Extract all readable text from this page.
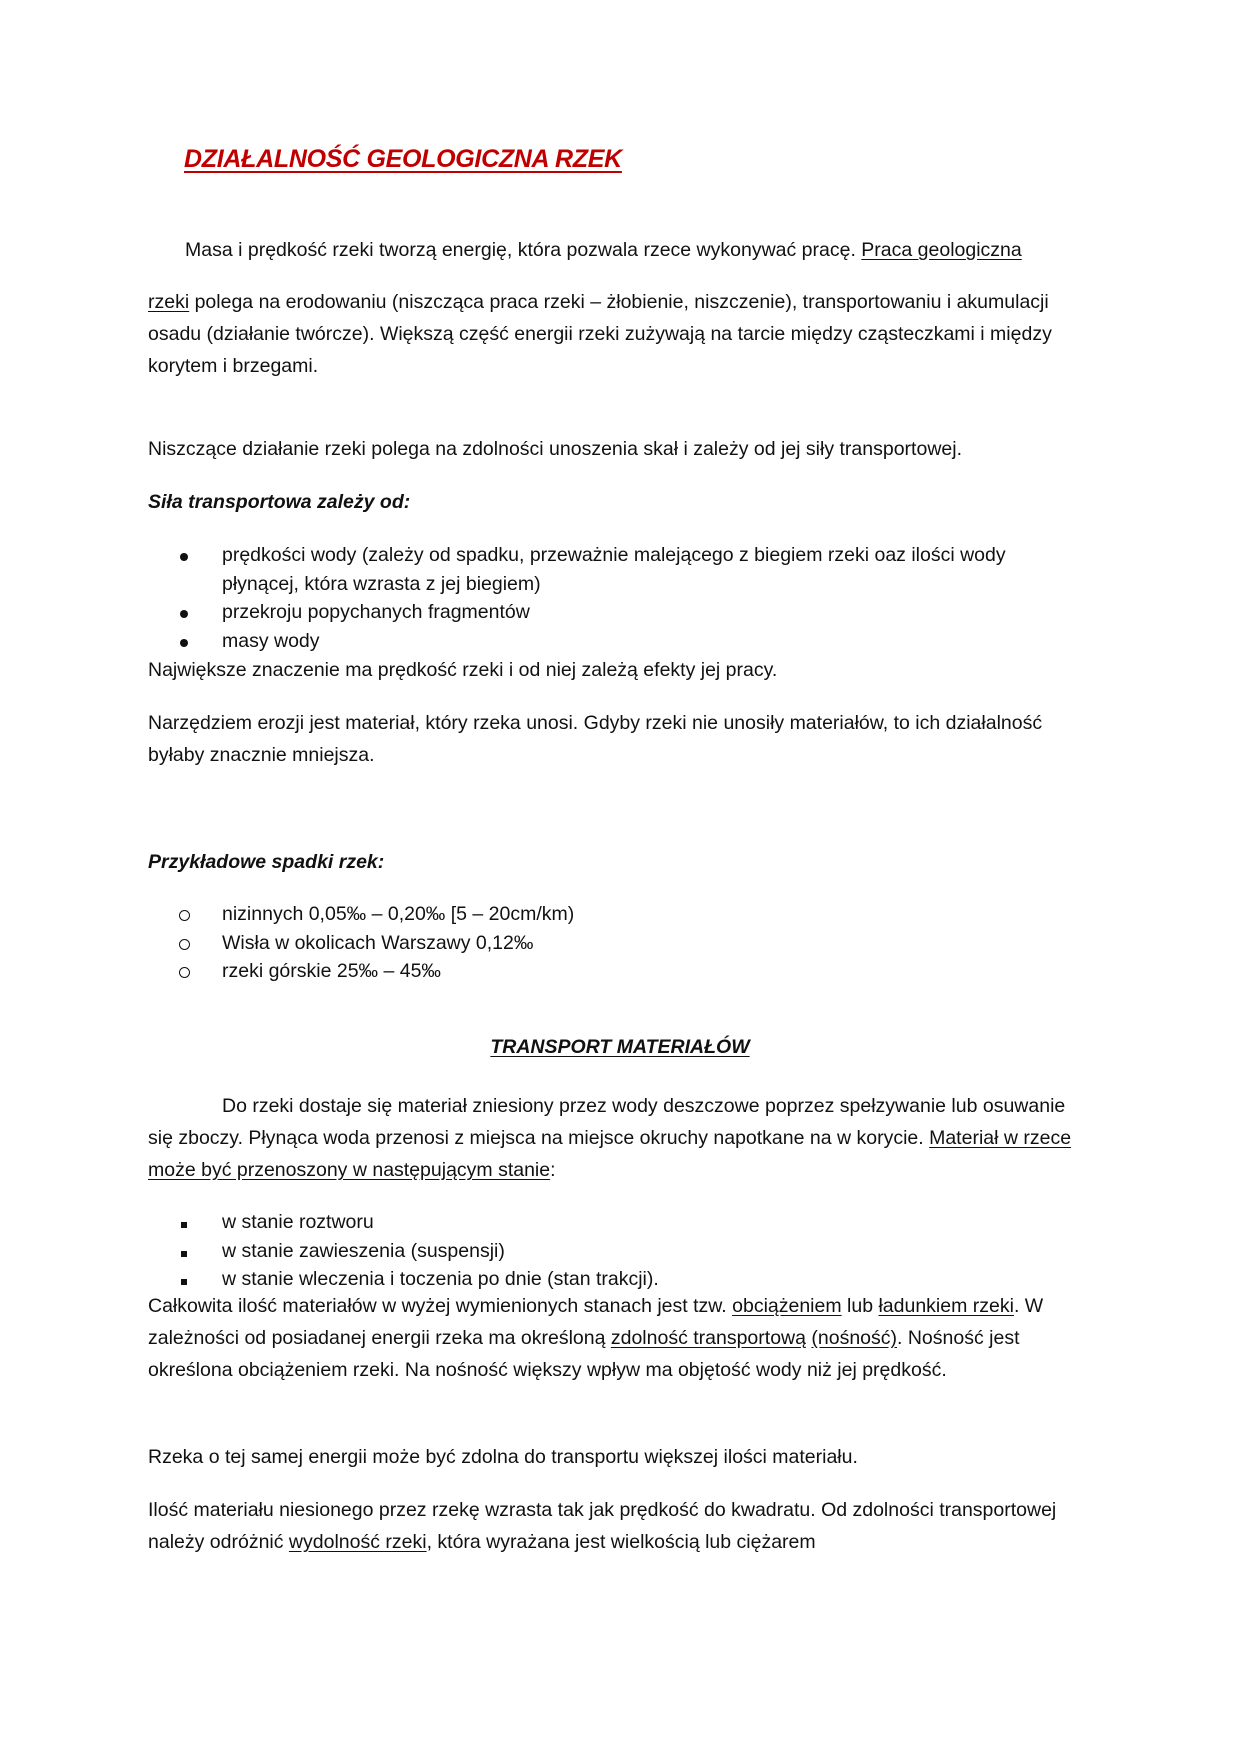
DZIAŁALNOŚĆ GEOLOGICZNA RZEK

Masa i prędkość rzeki tworzą energię, która pozwala rzece wykonywać pracę. Praca geologiczna
rzeki polega na erodowaniu (niszcząca praca rzeki – żłobienie, niszczenie), transportowaniu i akumulacji osadu (działanie twórcze). Większą część energii rzeki zużywają na tarcie między cząsteczkami i między korytem i brzegami.

Niszczące działanie rzeki polega na zdolności unoszenia skał i zależy od jej siły transportowej.

Siła transportowa zależy od:

prędkości wody (zależy od spadku, przeważnie malejącego z biegiem rzeki oaz ilości wody płynącej, która wzrasta z jej biegiem)
przekroju popychanych fragmentów
masy wody

Największe znaczenie ma prędkość rzeki i od niej zależą efekty jej pracy.

Narzędziem erozji jest materiał, który rzeka unosi. Gdyby rzeki nie unosiły materiałów, to ich działalność byłaby znacznie mniejsza.

Przykładowe spadki rzek:

nizinnych 0,05‰ – 0,20‰ [5 – 20cm/km)
Wisła w okolicach Warszawy 0,12‰
rzeki górskie 25‰ – 45‰
TRANSPORT MATERIAŁÓW

Do rzeki dostaje się materiał zniesiony przez wody deszczowe poprzez spełzywanie lub osuwanie się zboczy. Płynąca woda przenosi z miejsca na miejsce okruchy napotkane na w korycie. Materiał w rzece może być przenoszony w następującym stanie:

w stanie roztworu
w stanie zawieszenia (suspensji)
w stanie wleczenia i toczenia po dnie (stan trakcji).

Całkowita ilość materiałów w wyżej wymienionych stanach jest tzw. obciążeniem lub ładunkiem rzeki. W zależności od posiadanej energii rzeka ma określoną zdolność transportową (nośność). Nośność jest określona obciążeniem rzeki. Na nośność większy wpływ ma objętość wody niż jej prędkość.

Rzeka o tej samej energii może być zdolna do transportu większej ilości materiału.

Ilość materiału niesionego przez rzekę wzrasta tak jak prędkość do kwadratu. Od zdolności transportowej należy odróżnić wydolność rzeki, która wyrażana jest wielkością lub ciężarem
